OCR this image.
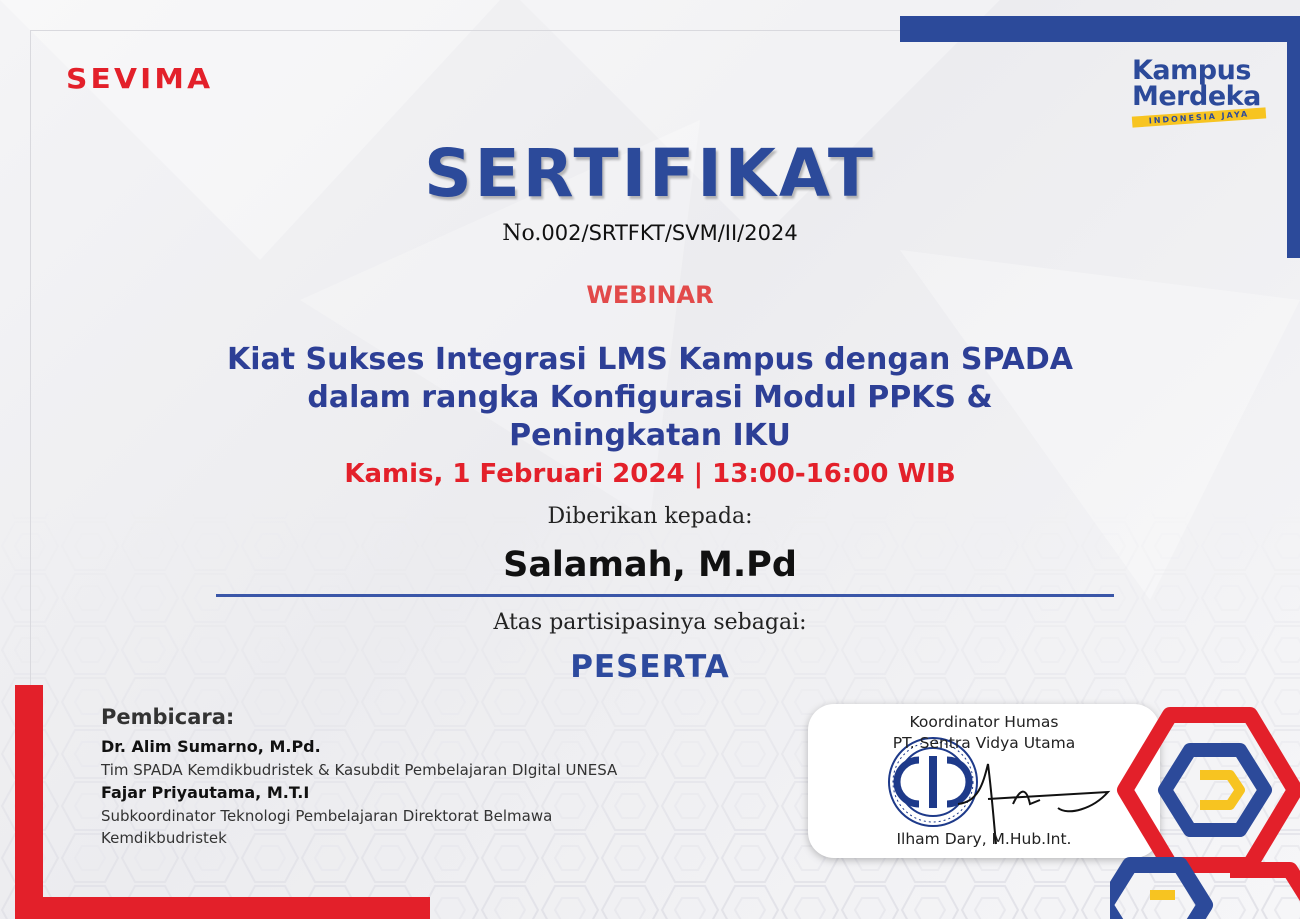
SEVIMA	Kampus
Merdeka
INDONESIA JAYA
SERTIFIKAT
No.002/SRTFKT/SVM/II/2024
WEBINAR
Kiat Sukses Integrasi LMS Kampus dengan SPADA
dalam rangka Konfigurasi Modul PPKS &
Peningkatan IKU
Kamis, 1 Februari 2024 | 13:00-16:00 WIB
Diberikan kepada:
Salamah, M.Pd
Atas partisipasinya sebagai:
PESERTA
Pembicara:
Dr. Alim Sumarno, M.Pd.
Tim SPADA Kemdikbudristek & Kasubdit Pembelajaran DIgital UNESA
Fajar Priyautama, M.T.I
Subkoordinator Teknologi Pembelajaran Direktorat Belmawa
Kemdikbudristek
Koordinator Humas
PT. Sentra Vidya Utama
Ilham Dary, M.Hub.Int.
